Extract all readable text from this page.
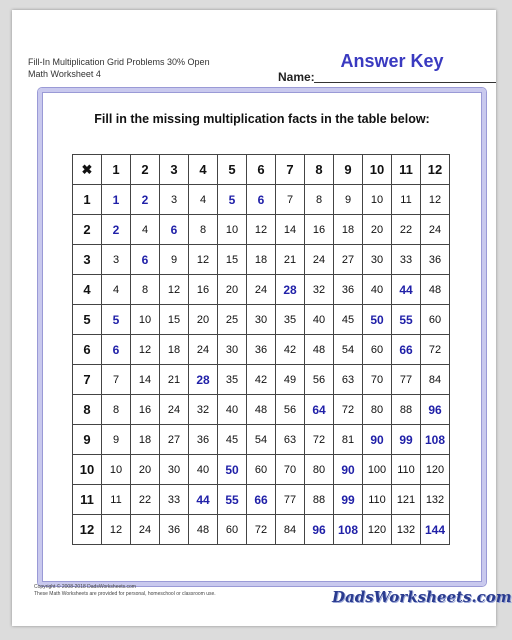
Fill-In Multiplication Grid Problems 30% Open
Math Worksheet 4	Name:
Answer Key
Fill in the missing multiplication facts in the table below:
✖	1	2	3	4	5	6	7	8	9	10	11	12
1	1	2	3	4	5	6	7	8	9	10	11	12
2	2	4	6	8	10	12	14	16	18	20	22	24
3	3	6	9	12	15	18	21	24	27	30	33	36
4	4	8	12	16	20	24	28	32	36	40	44	48
5	5	10	15	20	25	30	35	40	45	50	55	60
6	6	12	18	24	30	36	42	48	54	60	66	72
7	7	14	21	28	35	42	49	56	63	70	77	84
8	8	16	24	32	40	48	56	64	72	80	88	96
9	9	18	27	36	45	54	63	72	81	90	99	108
10	10	20	30	40	50	60	70	80	90	100	110	120
11	11	22	33	44	55	66	77	88	99	110	121	132
12	12	24	36	48	60	72	84	96	108	120	132	144
Copyright © 2008-2018 DadsWorksheets.com
These Math Worksheets are provided for personal, homeschool or classroom use.	DadsWorksheets.com
